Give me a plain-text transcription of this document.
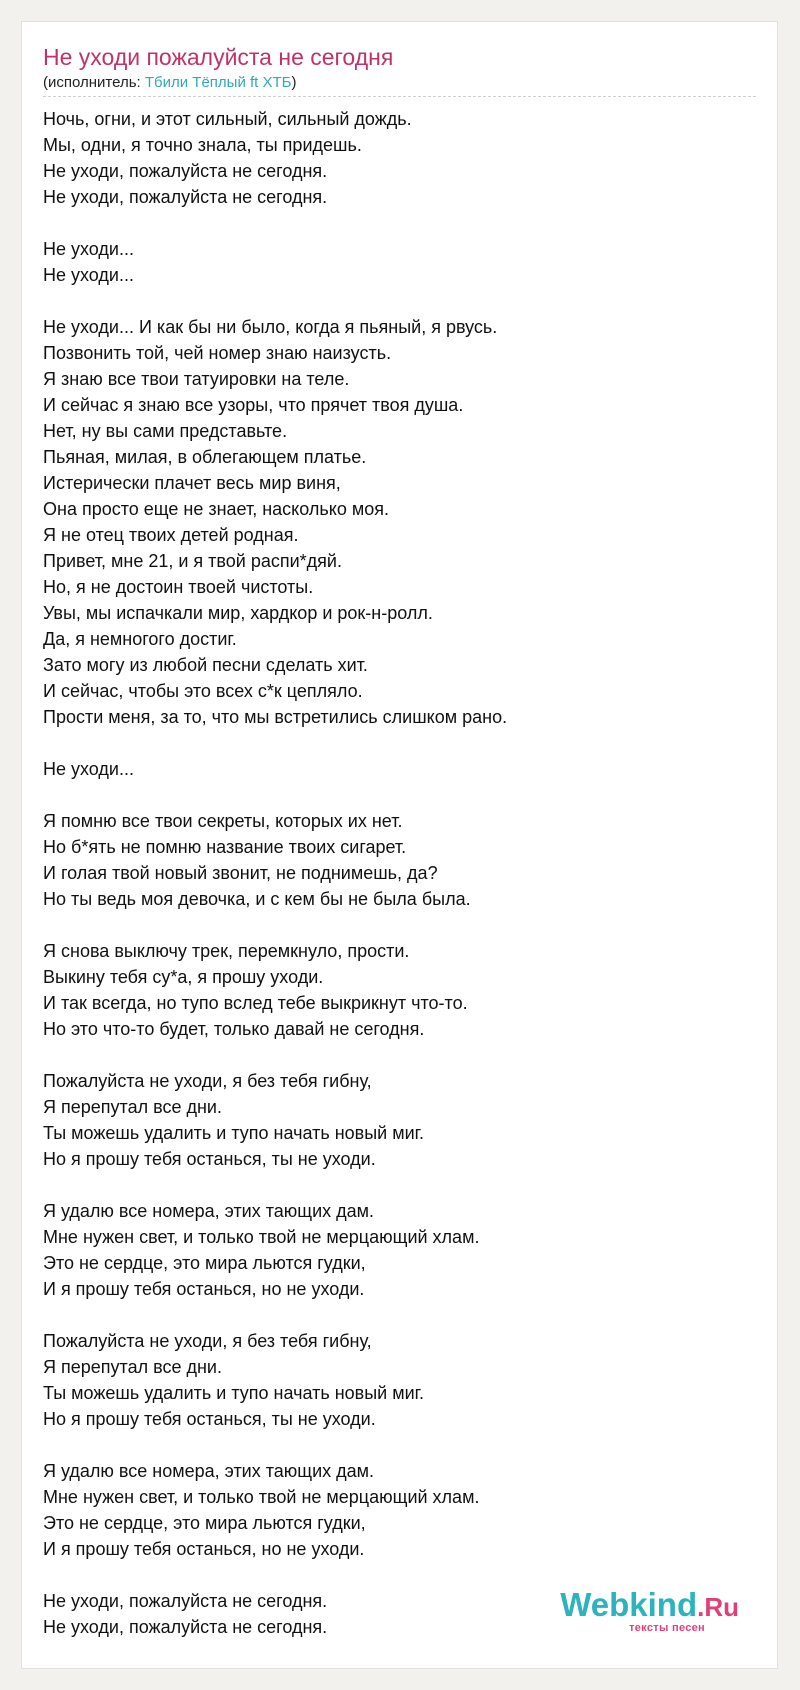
Не уходи пожалуйста не сегодня
(исполнитель: Тбили Тёплый ft ХТБ)
Ночь, огни, и этот сильный, сильный дождь.
Мы, одни, я точно знала, ты придешь.
Не уходи, пожалуйста не сегодня.
Не уходи, пожалуйста не сегодня.
Не уходи...
Не уходи...
Не уходи... И как бы ни было, когда я пьяный, я рвусь.
Позвонить той, чей номер знаю наизусть.
Я знаю все твои татуировки на теле.
И сейчас я знаю все узоры, что прячет твоя душа.
Нет, ну вы сами представьте.
Пьяная, милая, в облегающем платье.
Истерически плачет весь мир виня,
Она просто еще не знает, насколько моя.
Я не отец твоих детей родная.
Привет, мне 21, и я твой распи*дяй.
Но, я не достоин твоей чистоты.
Увы, мы испачкали мир, хардкор и рок-н-ролл.
Да, я немногого достиг.
Зато могу из любой песни сделать хит.
И сейчас, чтобы это всех с*к цепляло.
Прости меня, за то, что мы встретились слишком рано.
Не уходи...
Я помню все твои секреты, которых их нет.
Но б*ять не помню название твоих сигарет.
И голая твой новый звонит, не поднимешь, да?
Но ты ведь моя девочка, и с кем бы не была была.
Я снова выключу трек, перемкнуло, прости.
Выкину тебя су*а, я прошу уходи.
И так всегда, но тупо вслед тебе выкрикнут что-то.
Но это что-то будет, только давай не сегодня.
Пожалуйста не уходи, я без тебя гибну,
Я перепутал все дни.
Ты можешь удалить и тупо начать новый миг.
Но я прошу тебя останься, ты не уходи.
Я удалю все номера, этих тающих дам.
Мне нужен свет, и только твой не мерцающий хлам.
Это не сердце, это мира льются гудки,
И я прошу тебя останься, но не уходи.
Пожалуйста не уходи, я без тебя гибну,
Я перепутал все дни.
Ты можешь удалить и тупо начать новый миг.
Но я прошу тебя останься, ты не уходи.
Я удалю все номера, этих тающих дам.
Мне нужен свет, и только твой не мерцающий хлам.
Это не сердце, это мира льются гудки,
И я прошу тебя останься, но не уходи.
Не уходи, пожалуйста не сегодня.
Не уходи, пожалуйста не сегодня.
Webkind.Ru
тексты песен
